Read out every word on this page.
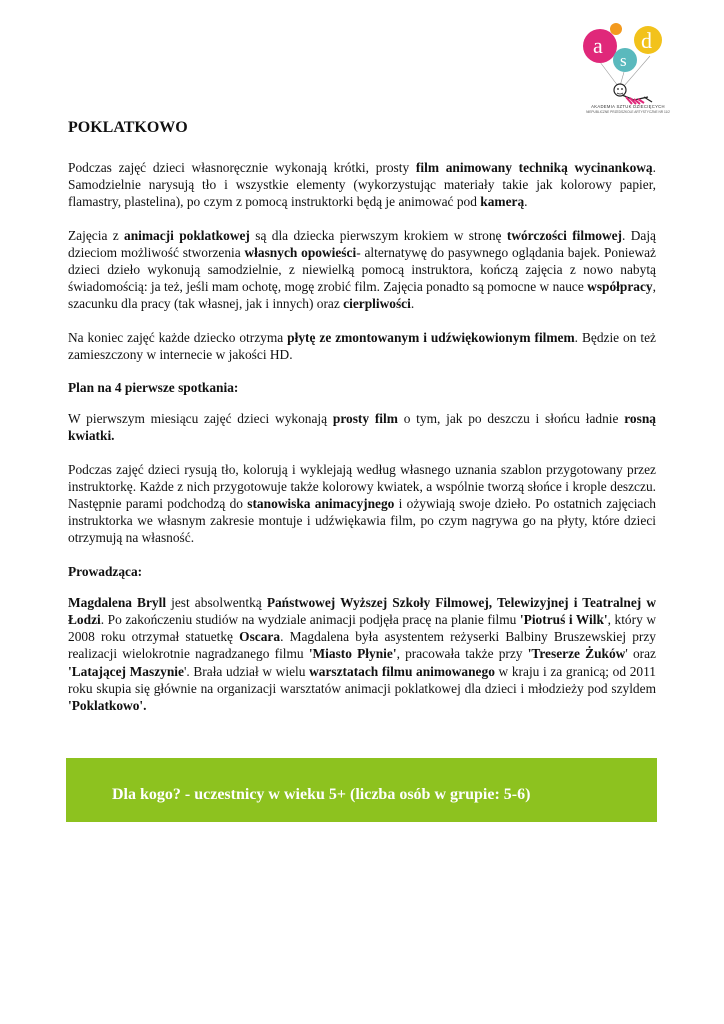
a
s
d
AKADEMIA SZTUK DZIECIĘCYCH
NIEPUBLICZNE PRZEDSZKOLE ARTYSTYCZNE NR 11/2
POKLATKOWO

Podczas zajęć dzieci własnoręcznie wykonają krótki, prosty film animowany techniką wycinankową. Samodzielnie narysują tło i wszystkie elementy (wykorzystując materiały takie jak kolorowy papier, flamastry, plastelina), po czym z pomocą instruktorki będą je animować pod kamerą.

Zajęcia z animacji poklatkowej są dla dziecka pierwszym krokiem w stronę twórczości filmowej. Dają dzieciom możliwość stworzenia własnych opowieści- alternatywę do pasywnego oglądania bajek. Ponieważ dzieci dzieło wykonują samodzielnie, z niewielką pomocą instruktora, kończą zajęcia z nowo nabytą świadomością: ja też, jeśli mam ochotę, mogę zrobić film. Zajęcia ponadto są pomocne w nauce współpracy, szacunku dla pracy (tak własnej, jak i innych) oraz cierpliwości.

Na koniec zajęć każde dziecko otrzyma płytę ze zmontowanym i udźwiękowionym filmem. Będzie on też zamieszczony w internecie w jakości HD.

Plan na 4 pierwsze spotkania:

W pierwszym miesiącu zajęć dzieci wykonają prosty film o tym, jak po deszczu i słońcu ładnie rosną kwiatki.

Podczas zajęć dzieci rysują tło, kolorują i wyklejają według własnego uznania szablon przygotowany przez instruktorkę. Każde z nich przygotowuje także kolorowy kwiatek, a wspólnie tworzą słońce i krople deszczu. Następnie parami podchodzą do stanowiska animacyjnego i ożywiają swoje dzieło. Po ostatnich zajęciach instruktorka we własnym zakresie montuje i udźwiękawia film, po czym nagrywa go na płyty, które dzieci otrzymują na własność.

Prowadząca:

Magdalena Bryll jest absolwentką Państwowej Wyższej Szkoły Filmowej, Telewizyjnej i Teatralnej w Łodzi. Po zakończeniu studiów na wydziale animacji podjęła pracę na planie filmu 'Piotruś i Wilk', który w 2008 roku otrzymał statuetkę Oscara. Magdalena była asystentem reżyserki Balbiny Bruszewskiej przy realizacji wielokrotnie nagradzanego filmu 'Miasto Płynie', pracowała także przy 'Treserze Żuków' oraz 'Latającej Maszynie'. Brała udział w wielu warsztatach filmu animowanego w kraju i za granicą; od 2011 roku skupia się głównie na organizacji warsztatów animacji poklatkowej dla dzieci i młodzieży pod szyldem 'Poklatkowo'.

Dla kogo? - uczestnicy w wieku 5+ (liczba osób w grupie: 5-6)
